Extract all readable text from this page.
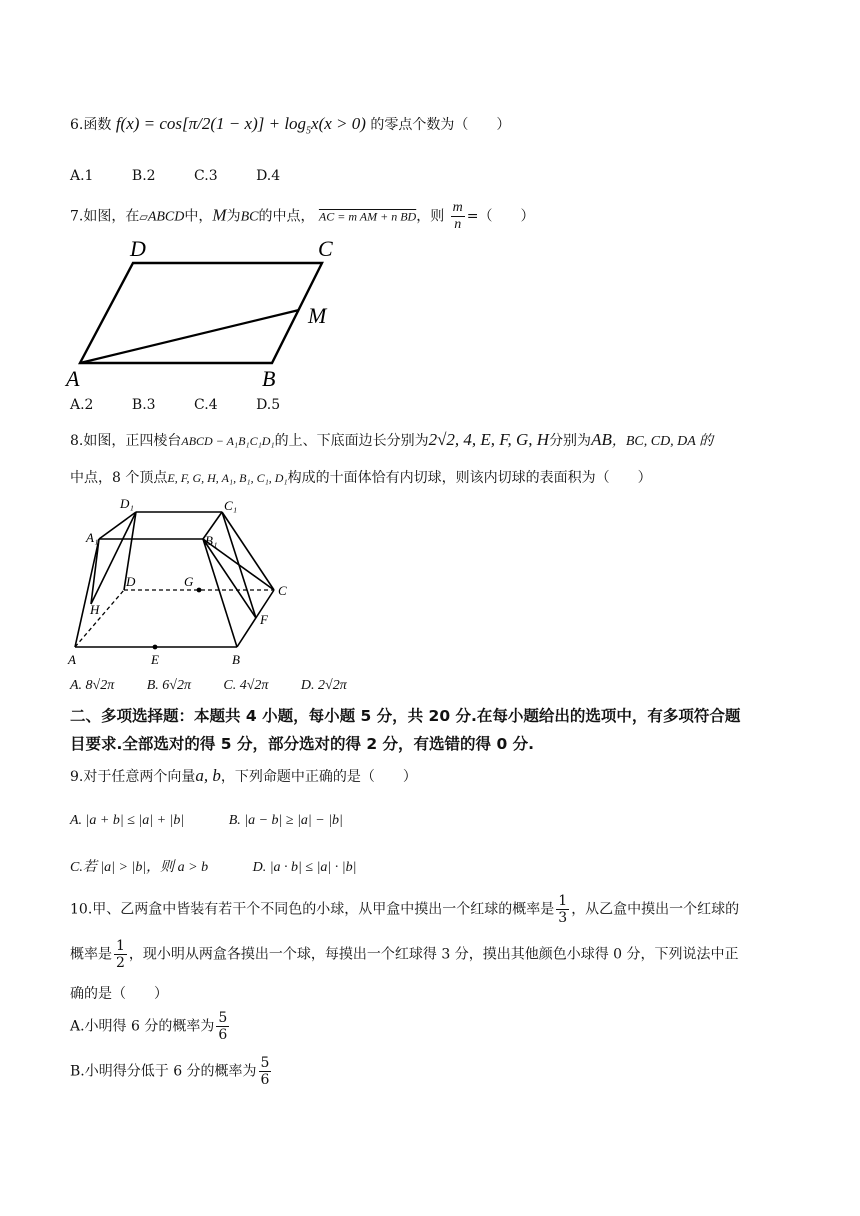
6.函数 $f(x) = \cos[\pi/2(1 - x)] + \log_5x(x > 0)$ 的零点个数为（　　）
A.1	B.2	C.3	D.4
7.如图，在▱ABCD中，M为BC的中点， AC = m AM + n BD，则 $\frac{m}{n}$ =（　　）
D	C
M
A	B
A.2	B.3	C.4	D.5
8.如图，正四棱台ABCD − A₁B₁C₁D₁的上、下底面边长分别为2√2, 4, E, F, G, H分别为AB，BC, CD, DA 的
中点，8 个顶点E, F, G, H, A₁, B₁, C₁, D₁构成的十面体恰有内切球，则该内切球的表面积为（　　）
D₁	C₁
A₁	B₁
D	G
C
H
F
A	E	B
A. 8√2π B. 6√2π C. 4√2π D. 2√2π
二、多项选择题：本题共 4 小题，每小题 5 分，共 20 分.在每小题给出的选项中，有多项符合题
目要求.全部选对的得 5 分，部分选对的得 2 分，有选错的得 0 分.
9.对于任意两个向量a, b，下列命题中正确的是（　　）
A. |a + b| ≤ |a| + |b|	B. |a − b| ≥ |a| − |b|
C.若 |a| > |b|，则 a > b	D. |a · b| ≤ |a| · |b|
10.甲、乙两盒中皆装有若干个不同色的小球，从甲盒中摸出一个红球的概率是 $\frac{1}{3}$ ，从乙盒中摸出一个红球的
概率是 $\frac{1}{2}$ ，现小明从两盒各摸出一个球，每摸出一个红球得 3 分，摸出其他颜色小球得 0 分，下列说法中正
确的是（　　）
A.小明得 6 分的概率为 $\frac{5}{6}$
B.小明得分低于 6 分的概率为 $\frac{5}{6}$
